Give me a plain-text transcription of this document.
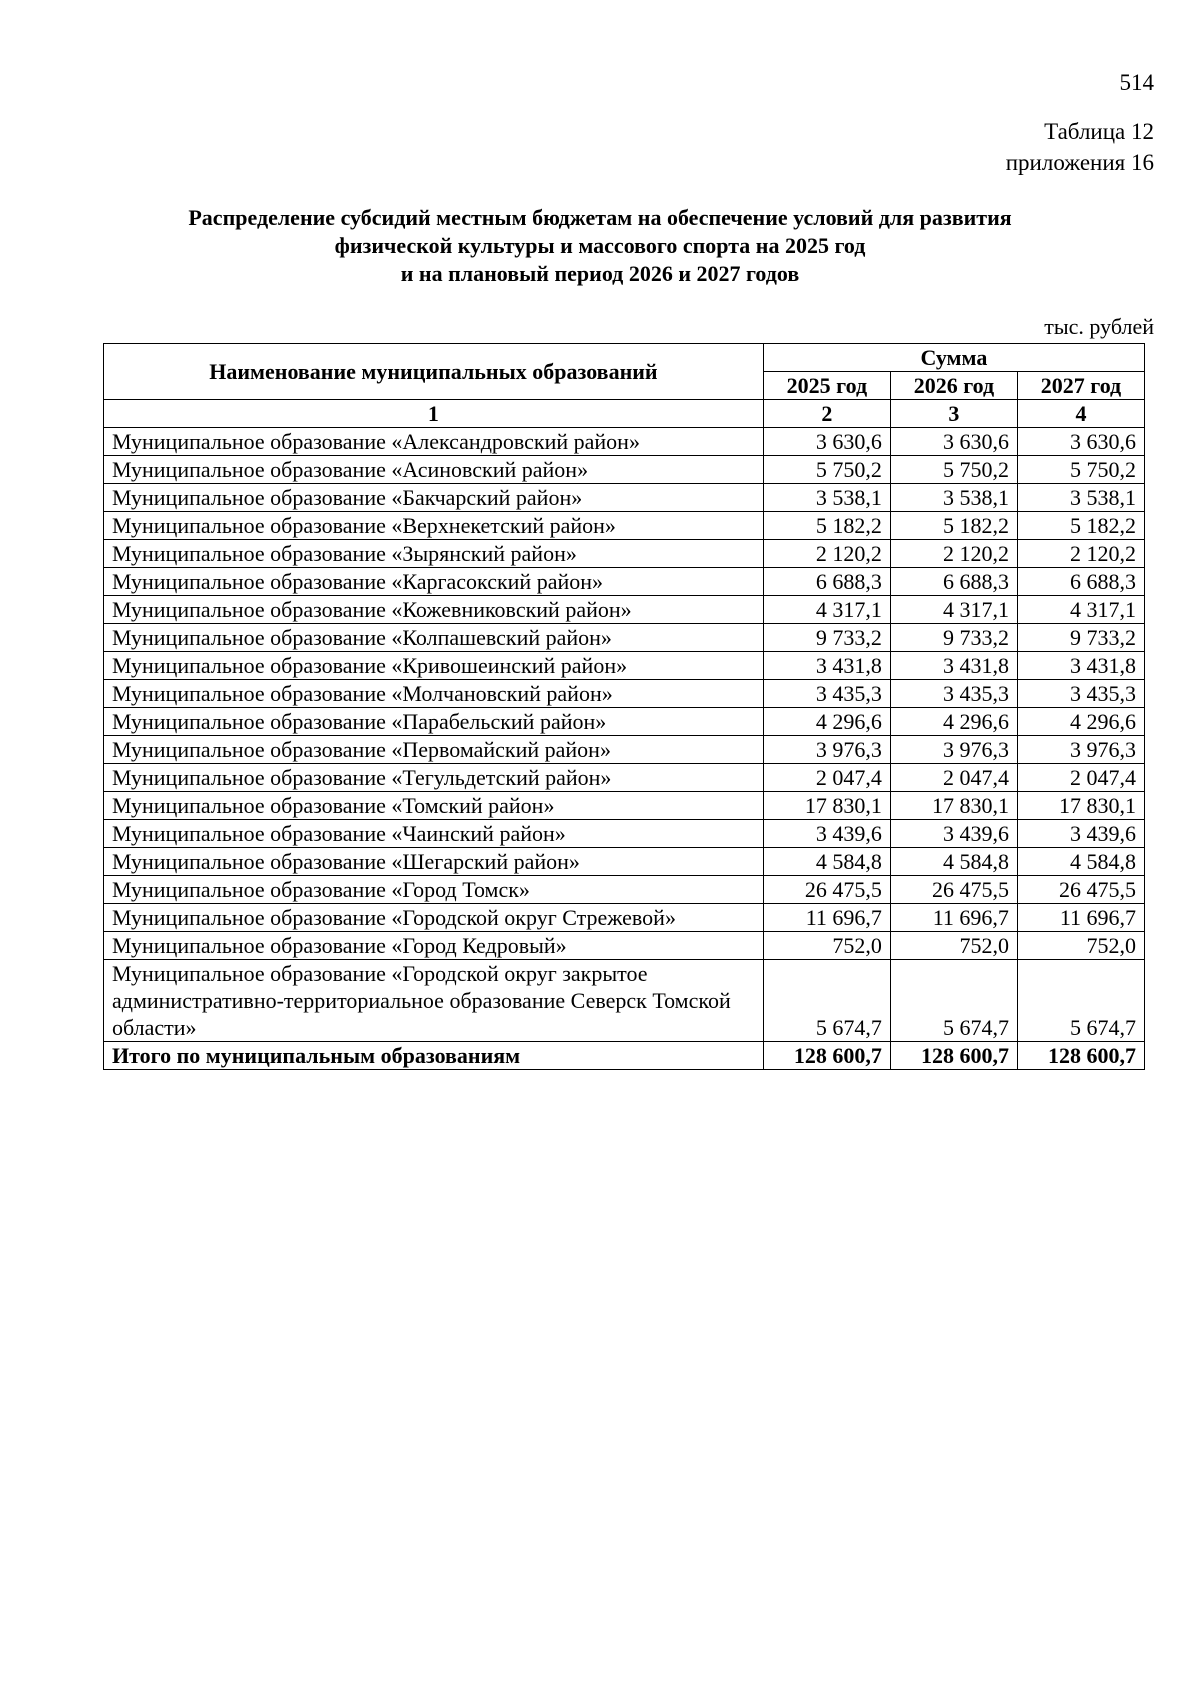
514
Таблица 12
приложения 16
Распределение субсидий местным бюджетам на обеспечение условий для развития
физической культуры и массового спорта на 2025 год
и на плановый период 2026 и 2027 годов
тыс. рублей
Наименование муниципальных образований	Сумма		
	2025 год	2026 год	2027 год
1	2	3	4
Муниципальное образование «Александровский район»	3 630,6	3 630,6	3 630,6
Муниципальное образование «Асиновский район»	5 750,2	5 750,2	5 750,2
Муниципальное образование «Бакчарский район»	3 538,1	3 538,1	3 538,1
Муниципальное образование «Верхнекетский район»	5 182,2	5 182,2	5 182,2
Муниципальное образование «Зырянский район»	2 120,2	2 120,2	2 120,2
Муниципальное образование «Каргасокский район»	6 688,3	6 688,3	6 688,3
Муниципальное образование «Кожевниковский район»	4 317,1	4 317,1	4 317,1
Муниципальное образование «Колпашевский район»	9 733,2	9 733,2	9 733,2
Муниципальное образование «Кривошеинский район»	3 431,8	3 431,8	3 431,8
Муниципальное образование «Молчановский район»	3 435,3	3 435,3	3 435,3
Муниципальное образование «Парабельский район»	4 296,6	4 296,6	4 296,6
Муниципальное образование «Первомайский район»	3 976,3	3 976,3	3 976,3
Муниципальное образование «Тегульдетский район»	2 047,4	2 047,4	2 047,4
Муниципальное образование «Томский район»	17 830,1	17 830,1	17 830,1
Муниципальное образование «Чаинский район»	3 439,6	3 439,6	3 439,6
Муниципальное образование «Шегарский район»	4 584,8	4 584,8	4 584,8
Муниципальное образование «Город Томск»	26 475,5	26 475,5	26 475,5
Муниципальное образование «Городской округ Стрежевой»	11 696,7	11 696,7	11 696,7
Муниципальное образование «Город Кедровый»	752,0	752,0	752,0
Муниципальное образование «Городской округ закрытое административно-территориальное образование Северск Томской области»	5 674,7	5 674,7	5 674,7
Итого по муниципальным образованиям	128 600,7	128 600,7	128 600,7
